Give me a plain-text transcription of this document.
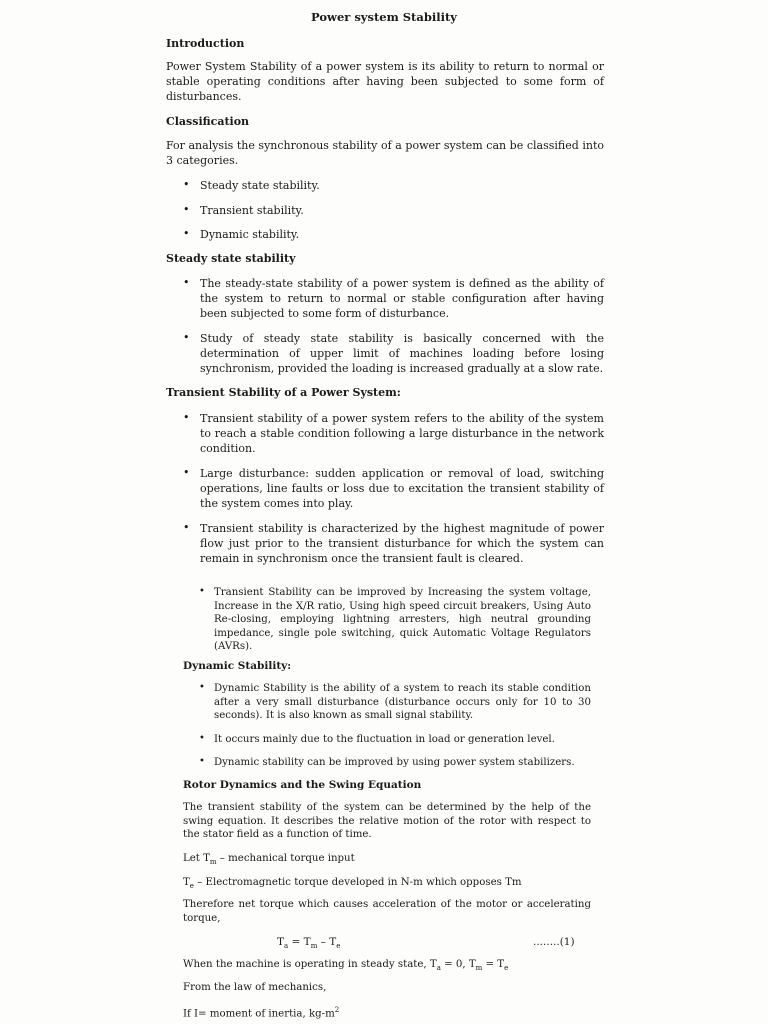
Power system Stability
Introduction
Power System Stability of a power system is its ability to return to normal or stable operating conditions after having been subjected to some form of disturbances.
Classification
For analysis the synchronous stability of a power system can be classified into 3 categories.
• Steady state stability.
• Transient stability.
• Dynamic stability.
Steady state stability
• The steady-state stability of a power system is defined as the ability of the system to return to normal or stable configuration after having been subjected to some form of disturbance.
• Study of steady state stability is basically concerned with the determination of upper limit of machines loading before losing synchronism, provided the loading is increased gradually at a slow rate.
Transient Stability of a Power System:
• Transient stability of a power system refers to the ability of the system to reach a stable condition following a large disturbance in the network condition.
• Large disturbance: sudden application or removal of load, switching operations, line faults or loss due to excitation the transient stability of the system comes into play.
• Transient stability is characterized by the highest magnitude of power flow just prior to the transient disturbance for which the system can remain in synchronism once the transient fault is cleared.
• Transient Stability can be improved by Increasing the system voltage, Increase in the X/R ratio, Using high speed circuit breakers, Using Auto Re-closing, employing lightning arresters, high neutral grounding impedance, single pole switching, quick Automatic Voltage Regulators (AVRs).
Dynamic Stability:
• Dynamic Stability is the ability of a system to reach its stable condition after a very small disturbance (disturbance occurs only for 10 to 30 seconds). It is also known as small signal stability.
• It occurs mainly due to the fluctuation in load or generation level.
• Dynamic stability can be improved by using power system stabilizers.
Rotor Dynamics and the Swing Equation
The transient stability of the system can be determined by the help of the swing equation. It describes the relative motion of the rotor with respect to the stator field as a function of time.
Let $T_m$ – mechanical torque input
$T_e$ – Electromagnetic torque developed in N-m which opposes Tm
Therefore net torque which causes acceleration of the motor or accelerating torque,
$T_a = T_m - T_e$	........(1)
When the machine is operating in steady state, $T_a = 0$, $T_m = T_e$
From the law of mechanics,
If I= moment of inertia, $kg-m^2$
